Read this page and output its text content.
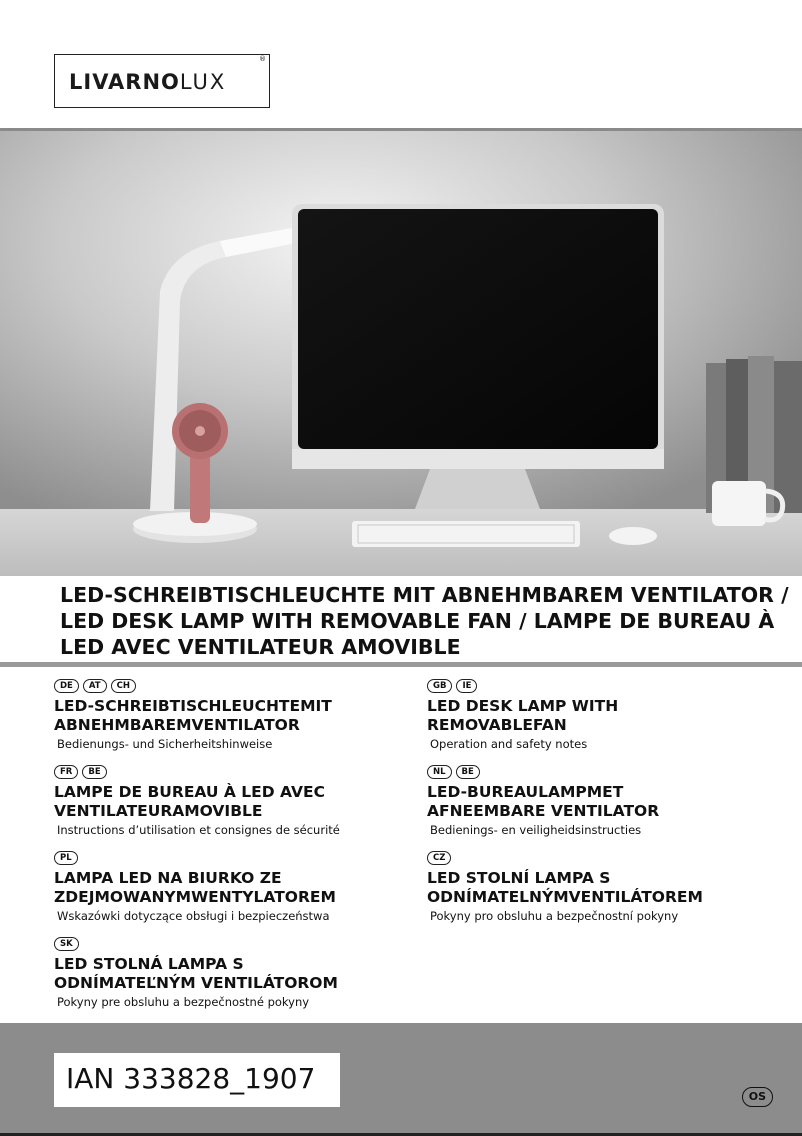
LIVARNOLUX
®
LED-SCHREIBTISCHLEUCHTE MIT ABNEHMBAREM VENTILATOR /
LED DESK LAMP WITH REMOVABLE FAN / LAMPE DE BUREAU À
LED AVEC VENTILATEUR AMOVIBLE
DE	AT	CH
LED-SCHREIBTISCHLEUCHTEMIT
ABNEHMBAREMVENTILATOR
Bedienungs- und Sicherheitshinweise
FR	BE
LAMPE DE BUREAU À LED AVEC
VENTILATEURAMOVIBLE
Instructions d’utilisation et consignes de sécurité
PL
LAMPA LED NA BIURKO ZE
ZDEJMOWANYMWENTYLATOREM
Wskazówki dotyczące obsługi i bezpieczeństwa
SK
LED STOLNÁ LAMPA S
ODNÍMATEĽNÝM VENTILÁTOROM
Pokyny pre obsluhu a bezpečnostné pokyny
GB	IE
LED DESK LAMP WITH
REMOVABLEFAN
Operation and safety notes
NL	BE
LED-BUREAULAMPMET
AFNEEMBARE VENTILATOR
Bedienings- en veiligheidsinstructies
CZ
LED STOLNÍ LAMPA S
ODNÍMATELNÝMVENTILÁTOREM
Pokyny pro obsluhu a bezpečnostní pokyny
IAN 333828_1907
OS
